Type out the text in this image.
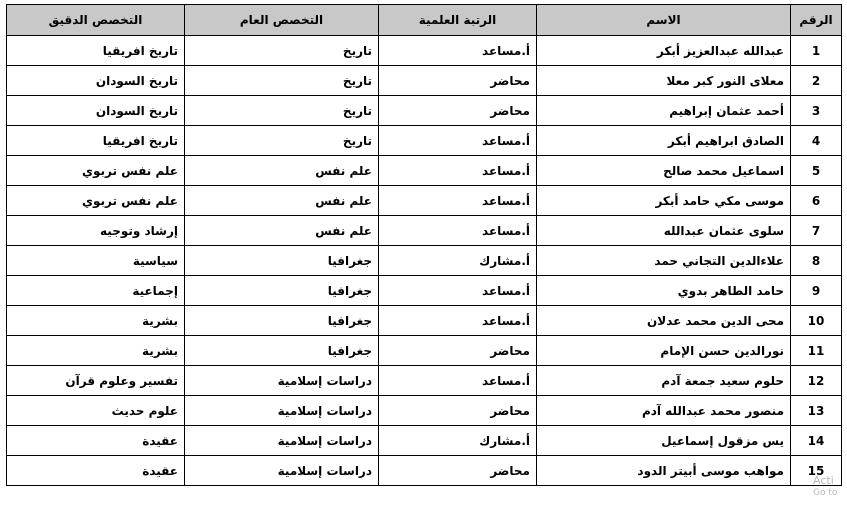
الرقم	الاسم	الرتبة العلمية	التخصص العام	التخصص الدقيق
1	عبدالله عبدالعزيز أبكر	أ.مساعد	تاريخ	تاريخ افريقيا
2	معلاى النور كبر معلا	محاضر	تاريخ	تاريخ السودان
3	أحمد عثمان إبراهيم	محاضر	تاريخ	تاريخ السودان
4	الصادق ابراهيم أبكر	أ.مساعد	تاريخ	تاريخ افريقيا
5	اسماعيل محمد صالح	أ.مساعد	علم نفس	علم نفس تربوي
6	موسى مكي حامد أبكر	أ.مساعد	علم نفس	علم نفس تربوي
7	سلوى عثمان عبدالله	أ.مساعد	علم نفس	إرشاد وتوجيه
8	علاءالدين التجاني حمد	أ.مشارك	جغرافيا	سياسية
9	حامد الطاهر بدوي	أ.مساعد	جغرافيا	إجماعية
10	محى الدين محمد عدلان	أ.مساعد	جغرافيا	بشرية
11	نورالدين حسن الإمام	محاضر	جغرافيا	بشرية
12	حلوم سعيد جمعة آدم	أ.مساعد	دراسات إسلامية	تفسير وعلوم قرآن
13	منصور محمد عبدالله آدم	محاضر	دراسات إسلامية	علوم حديث
14	يس مزقول إسماعيل	أ.مشارك	دراسات إسلامية	عقيدة
15	مواهب موسى أبيتر الدود	محاضر	دراسات إسلامية	عقيدة
Acti
Go to
